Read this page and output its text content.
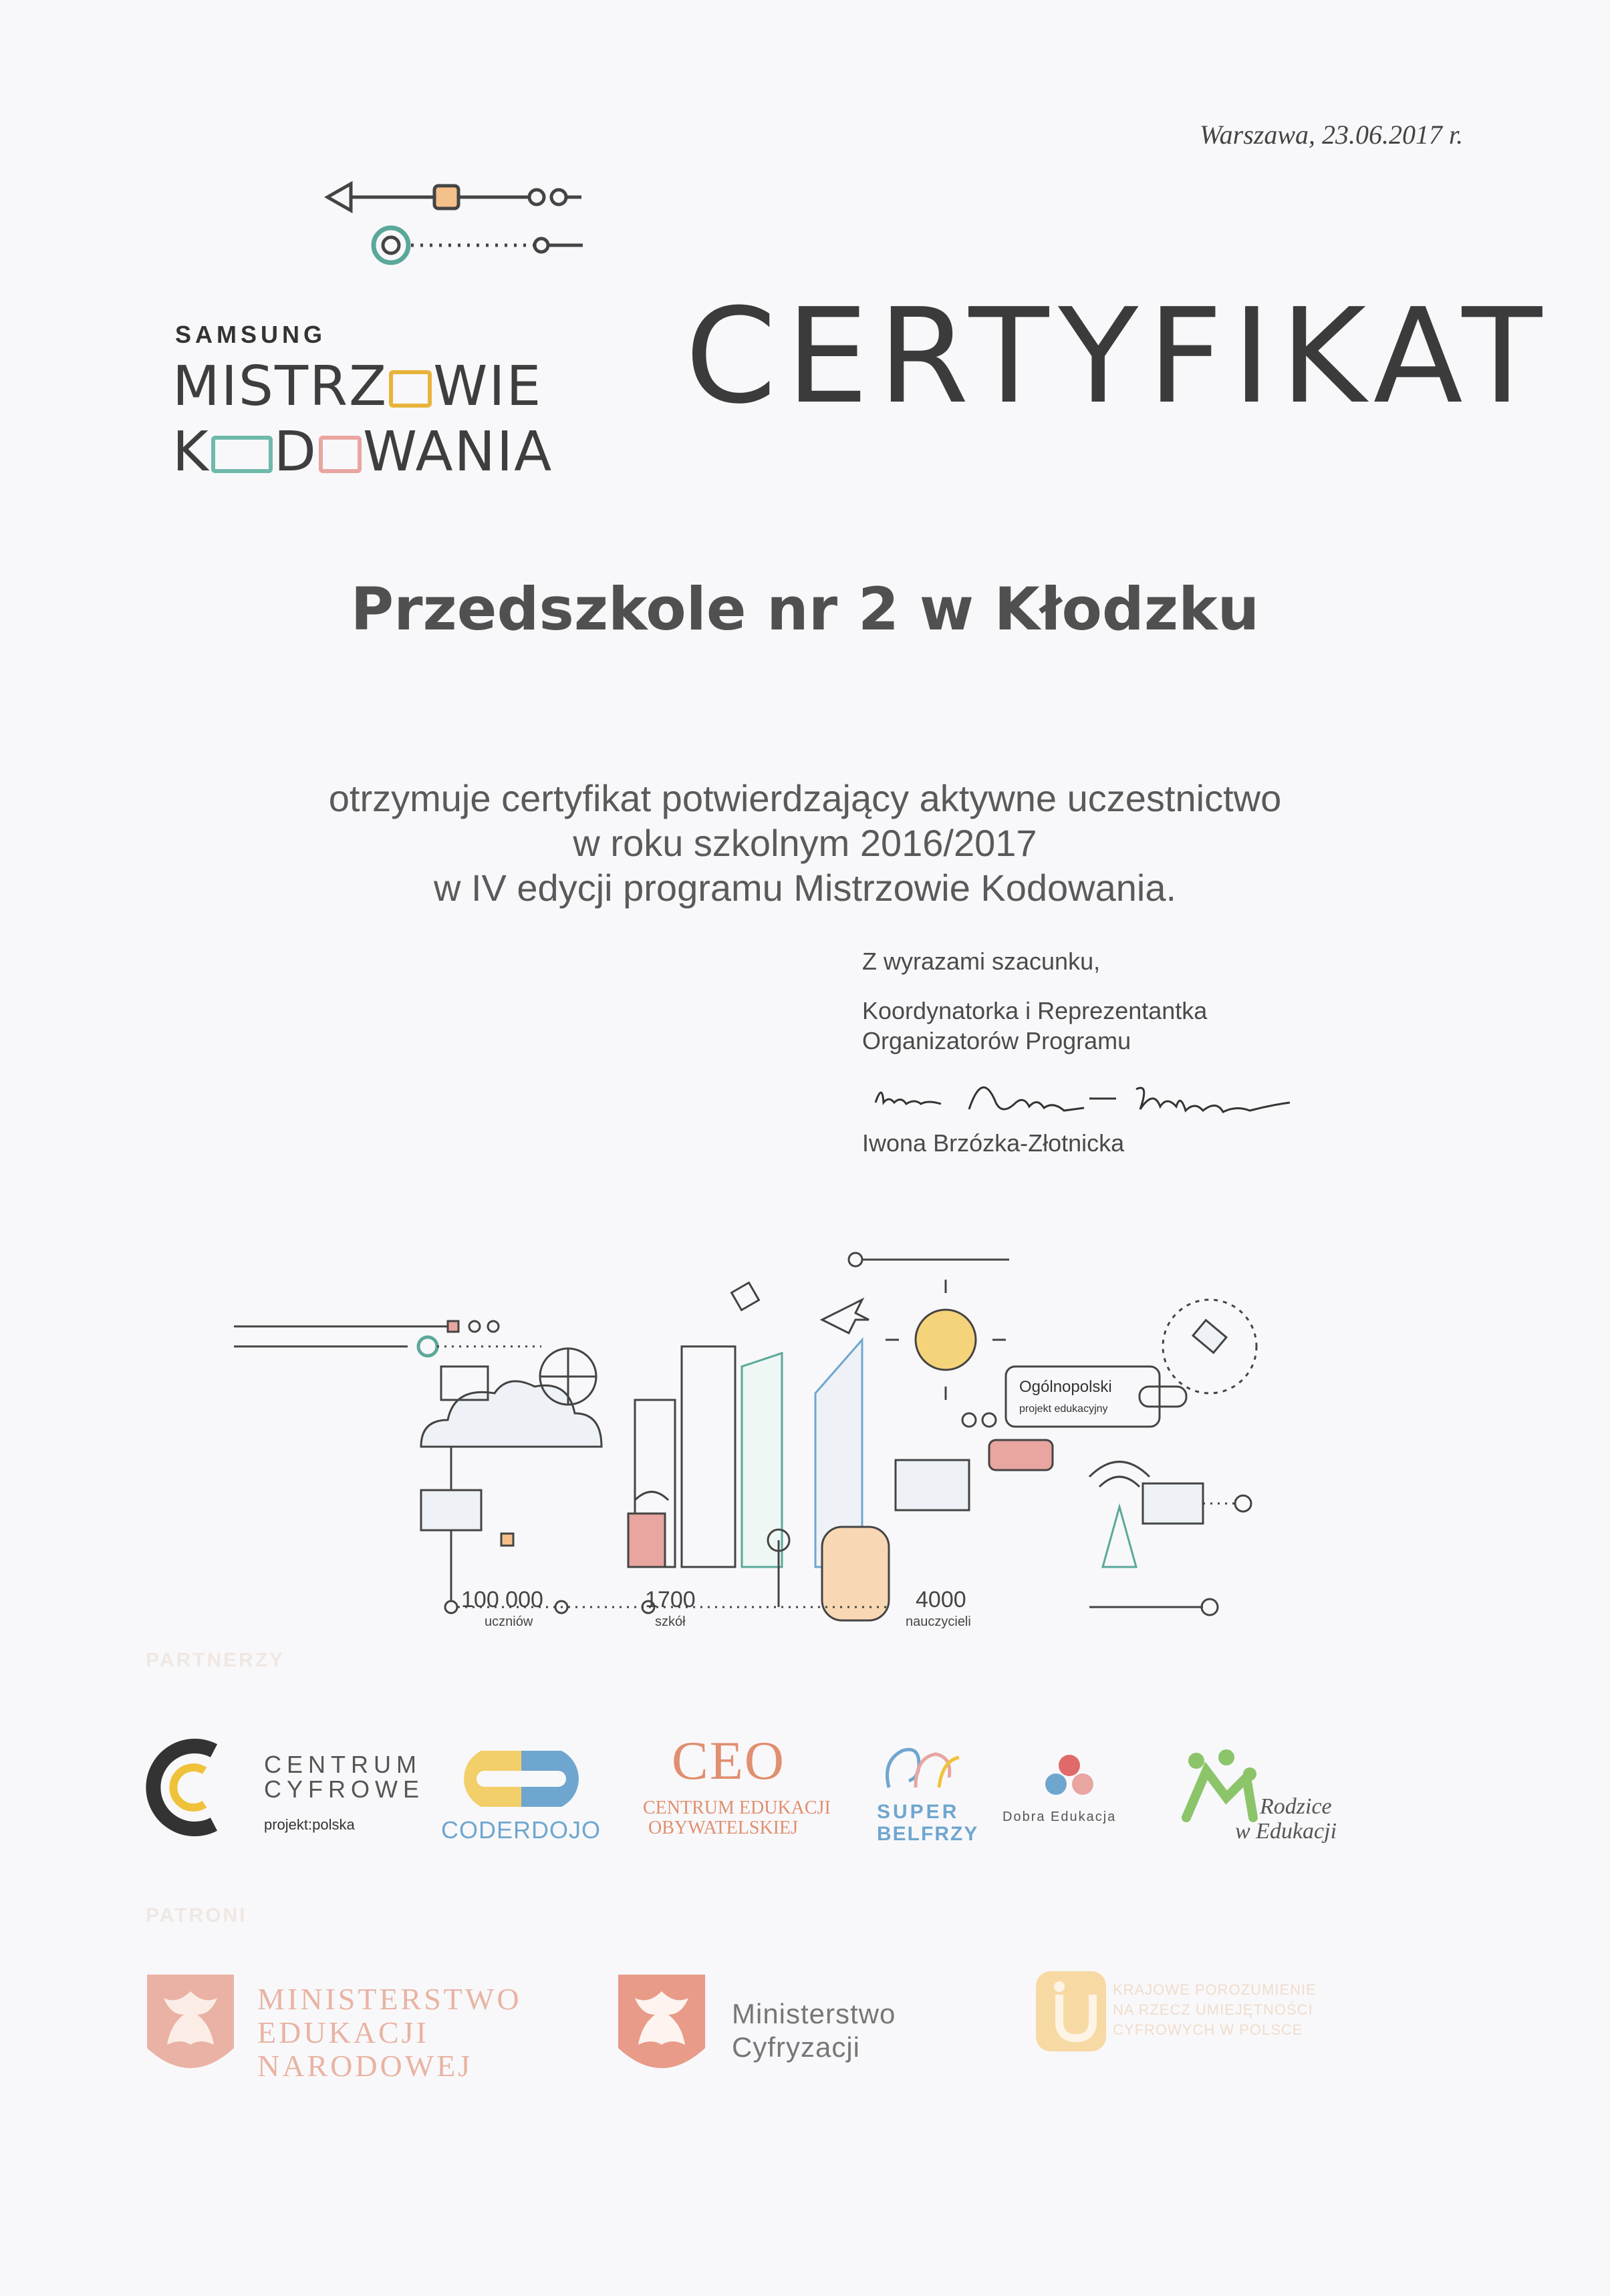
Warszawa, 23.06.2017 r.
SAMSUNG
MISTRZ WIE
K D WANIA
CERTYFIKAT
Przedszkole nr 2 w Kłodzku
otrzymuje certyfikat potwierdzający aktywne uczestnictwo
w roku szkolnym 2016/2017
w IV edycji programu Mistrzowie Kodowania.
Z wyrazami szacunku,
Koordynatorka i Reprezentantka
Organizatorów Programu
Iwona Brzózka-Złotnicka
Ogólnopolski
projekt edukacyjny
100 000
uczniów
1700
szkół
4000
nauczycieli
PARTNERZY
CENTRUM
CYFROWE
projekt:polska	CODERDOJO
CEO
CENTRUM EDUKACJI
OBYWATELSKIEJ
SUPER
BELFRZY
Dobra Edukacja	Rodzice
w Edukacji
PATRONI
MINISTERSTWO
EDUKACJI
NARODOWEJ
Ministerstwo
Cyfryzacji
KRAJOWE POROZUMIENIE
NA RZECZ UMIEJĘTNOŚCI
CYFROWYCH W POLSCE
